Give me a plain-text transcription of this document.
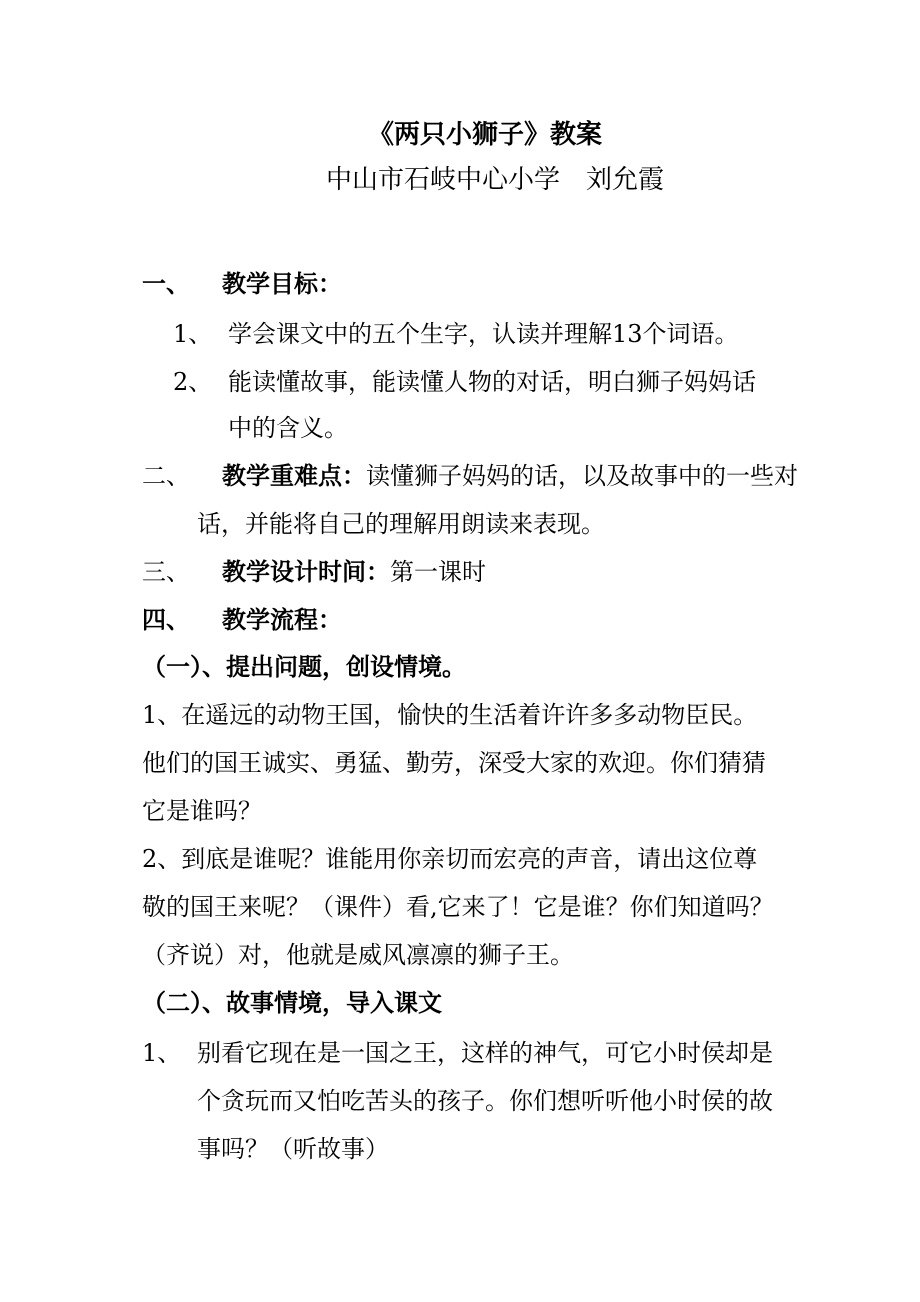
《两只小狮子》教案
中山市石岐中心小学　刘允霞
一、 教学目标：
1、 学会课文中的五个生字，认读并理解13个词语。
2、 能读懂故事，能读懂人物的对话，明白狮子妈妈话
中的含义。
二、 教学重难点：读懂狮子妈妈的话，以及故事中的一些对
话，并能将自己的理解用朗读来表现。
三、 教学设计时间：第一课时
四、 教学流程：
（一）、提出问题，创设情境。
1、在遥远的动物王国，愉快的生活着许许多多动物臣民。
他们的国王诚实、勇猛、勤劳，深受大家的欢迎。你们猜猜
它是谁吗？
2、到底是谁呢？谁能用你亲切而宏亮的声音，请出这位尊
敬的国王来呢？（课件）看,它来了！它是谁？你们知道吗？
（齐说）对，他就是威风凛凛的狮子王。
（二）、故事情境，导入课文
1、 别看它现在是一国之王，这样的神气，可它小时侯却是
个贪玩而又怕吃苦头的孩子。你们想听听他小时侯的故
事吗？（听故事）
